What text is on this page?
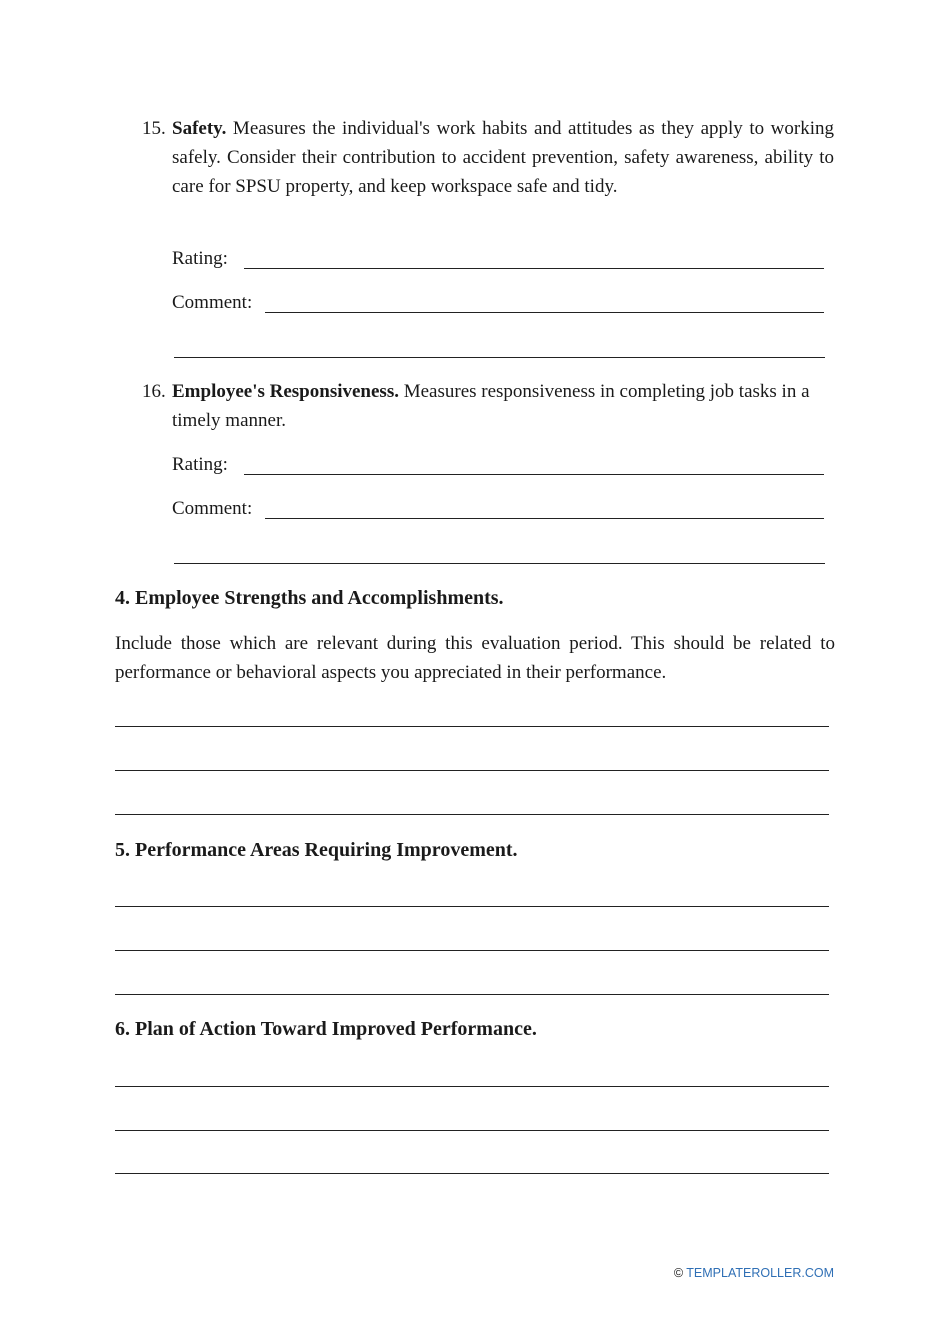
15. Safety. Measures the individual's work habits and attitudes as they apply to working safely. Consider their contribution to accident prevention, safety awareness, ability to care for SPSU property, and keep workspace safe and tidy.
Rating:
Comment:
16. Employee's Responsiveness. Measures responsiveness in completing job tasks in a timely manner.
Rating:
Comment:
4. Employee Strengths and Accomplishments.
Include those which are relevant during this evaluation period. This should be related to performance or behavioral aspects you appreciated in their performance.
5. Performance Areas Requiring Improvement.
6. Plan of Action Toward Improved Performance.
© TEMPLATEROLLER.COM
